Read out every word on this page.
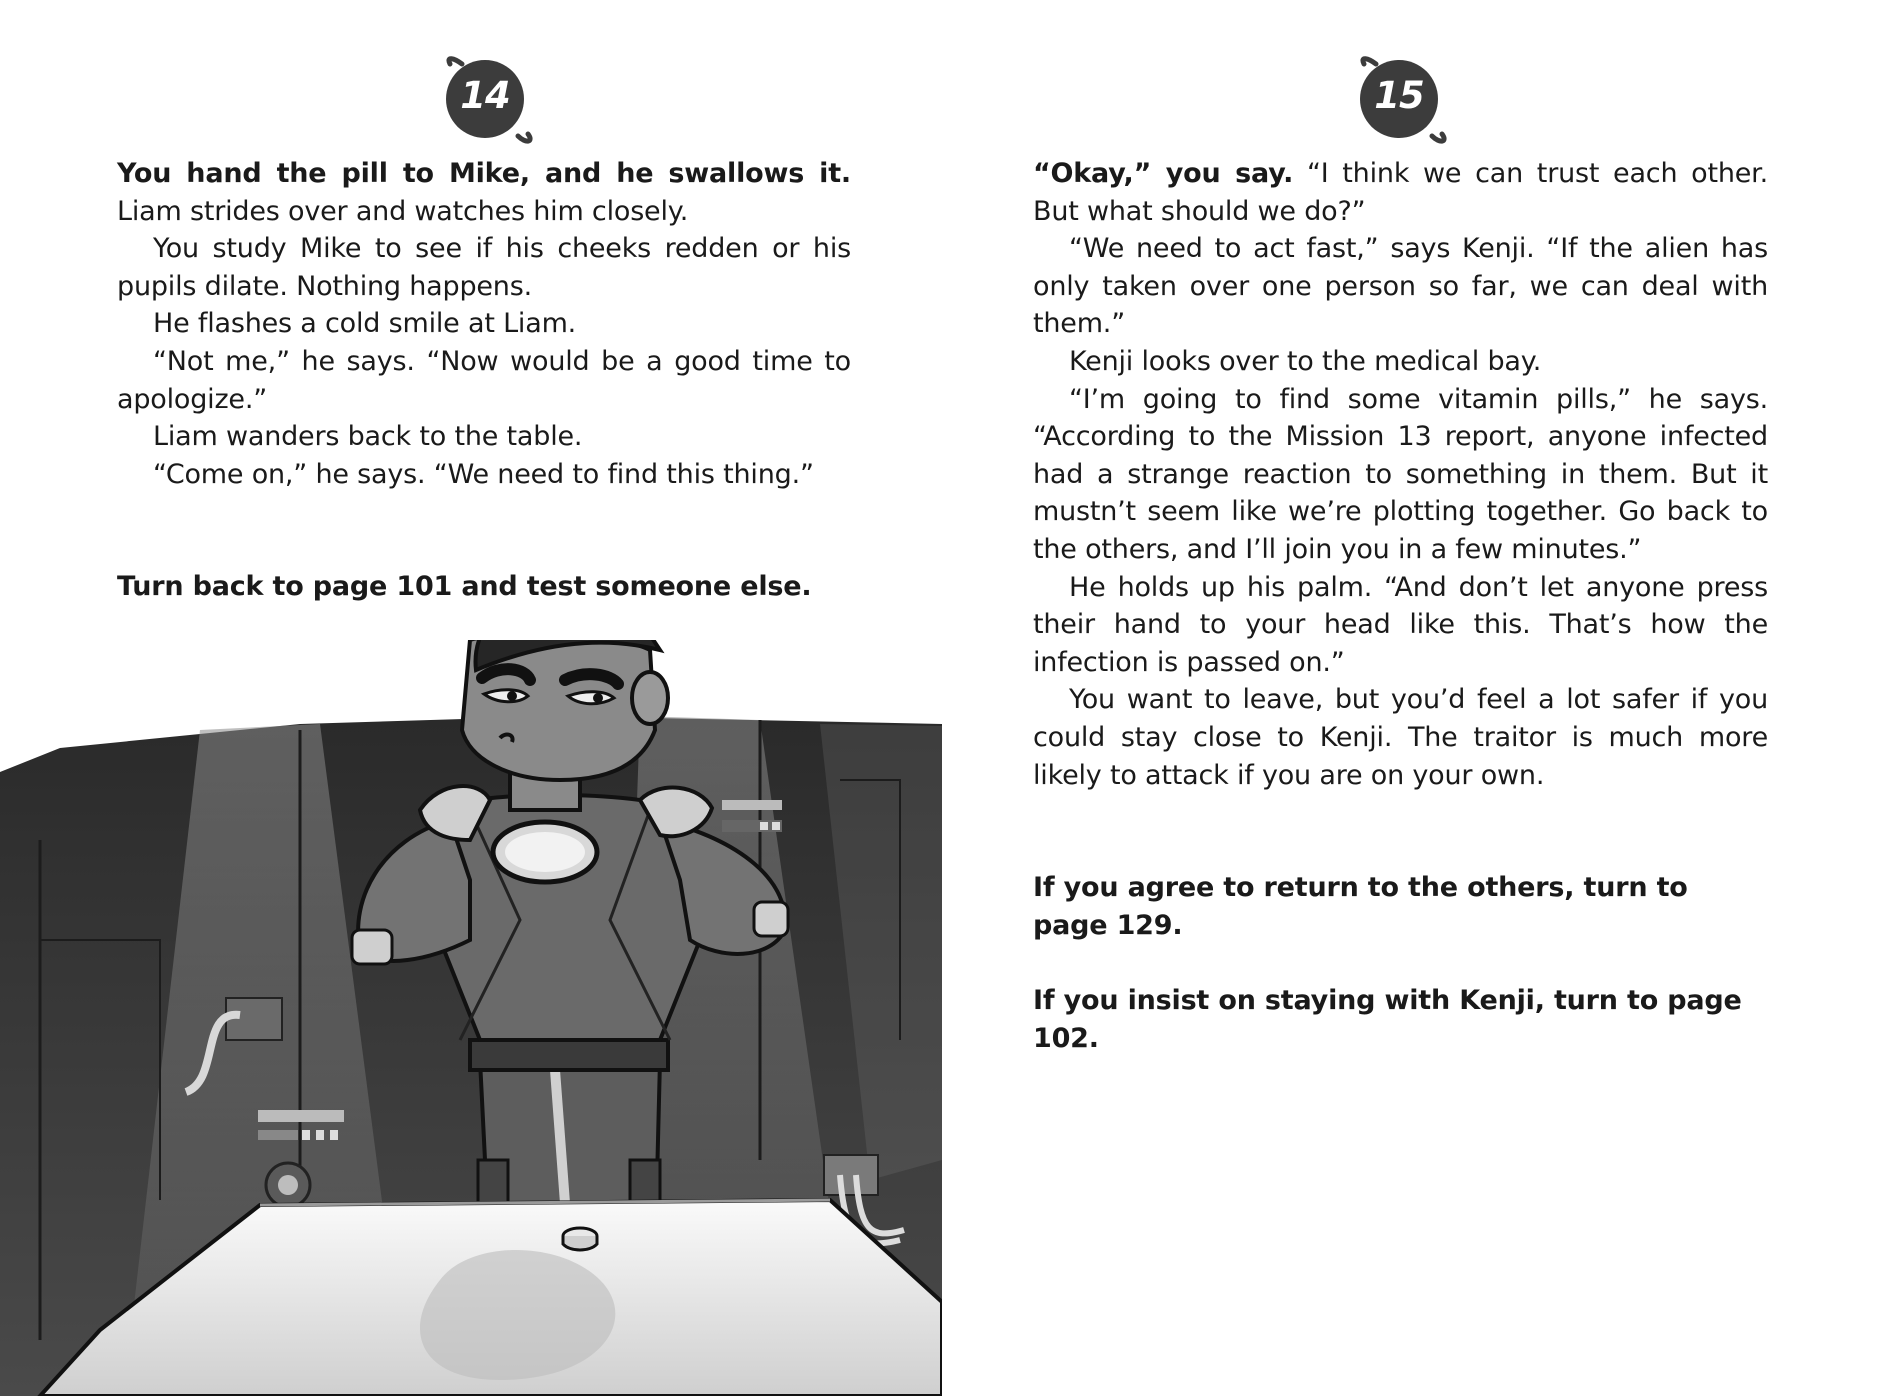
14

You hand the pill to Mike, and he swallows it. Liam strides over and watches him closely.

You study Mike to see if his cheeks redden or his pupils dilate. Nothing happens.

He flashes a cold smile at Liam.

“Not me,” he says. “Now would be a good time to apologize.”

Liam wanders back to the table.

“Come on,” he says. “We need to find this thing.”

Turn back to page 101 and test someone else.

15

“Okay,” you say. “I think we can trust each other. But what should we do?”

“We need to act fast,” says Kenji. “If the alien has only taken over one person so far, we can deal with them.”

Kenji looks over to the medical bay.

“I’m going to find some vitamin pills,” he says. “According to the Mission 13 report, anyone infected had a strange reaction to something in them. But it mustn’t seem like we’re plotting together. Go back to the others, and I’ll join you in a few minutes.”

He holds up his palm. “And don’t let anyone press their hand to your head like this. That’s how the infection is passed on.”

You want to leave, but you’d feel a lot safer if you could stay close to Kenji. The traitor is much more likely to attack if you are on your own.

If you agree to return to the others, turn to page 129.

If you insist on staying with Kenji, turn to page 102.
